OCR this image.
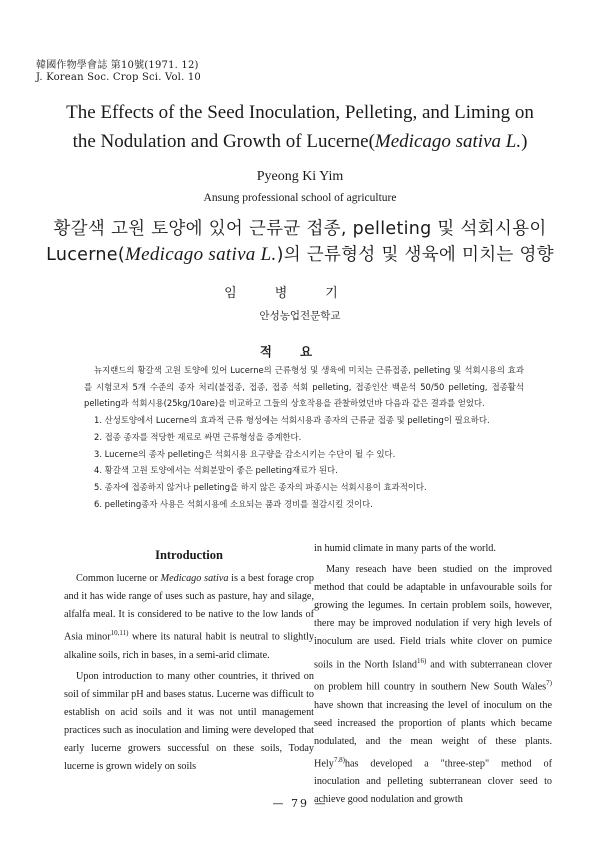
韓國作物學會誌 第10號(1971. 12)
J. Korean Soc. Crop Sci. Vol. 10
The Effects of the Seed Inoculation, Pelleting, and Liming on
the Nodulation and Growth of Lucerne(Medicago sativa L.)
Pyeong Ki Yim
Ansung professional school of agriculture
황갈색 고원 토양에 있어 근류균 접종, pelleting 및 석회시용이
Lucerne(Medicago sativa L.)의 근류형성 및 생육에 미치는 영향
임병기
안성농업전문학교
적요

뉴지랜드의 황갈색 고원 토양에 있어 Lucerne의 근류형성 및 생육에 미치는 근류접종, pelleting 및 석회시용의 효과를 시험코저 5개 수준의 종자 처리(불접종, 접종, 접종 석회 pelleting, 접종인산 백운석 50/50 pelleting, 접종활석 pelleting과 석회시용(25kg/10are)을 비교하고 그들의 상호작용을 관찰하였던바 다음과 같은 결과를 얻었다.

1. 산성토양에서 Lucerne의 효과적 근류 형성에는 석회시용과 종자의 근류균 접종 및 pelleting이 필요하다.
2. 접종 종자를 적당한 재료로 싸면 근류형성을 증계한다.
3. Lucerne의 종자 pelleting은 석회시용 요구량을 감소시키는 수단이 될 수 있다.
4. 황갈색 고원 토양에서는 석회분말이 좋은 pelleting재료가 된다.
5. 종자에 접종하지 않거나 pelleting을 하지 않은 종자의 파종시는 석회시용이 효과적이다.
6. pelleting종자 사용은 석회시용에 소요되는 품과 경비를 절감시킬 것이다.
Introduction

Common lucerne or Medicago sativa is a best forage crop and it has wide range of uses such as pasture, hay and silage, alfalfa meal. It is considered to be native to the low lands of Asia minor$^{10,11)}$ where its natural habit is neutral to slightly alkaline soils, rich in bases, in a semi-arid climate.

Upon introduction to many other countries, it thrived on soil of simmilar pH and bases status. Lucerne was difficult to establish on acid soils and it was not until management practices such as inoculation and liming were developed that early lucerne growers successful on these soils, Today lucerne is grown widely on soils

in humid climate in many parts of the world.

Many reseach have been studied on the improved method that could be adaptable in unfavourable soils for growing the legumes. In certain problem soils, however, there may be improved nodulation if very high levels of inoculum are used. Field trials white clover on pumice soils in the North Island$^{16)}$ and with subterranean clover on problem hill country in southern New South Wales$^{7)}$ have shown that increasing the level of inoculum on the seed increased the proportion of plants which became nodulated, and the mean weight of these plants. Hely$^{7.8)}$has developed a "three-step" method of inoculation and pelleting subterranean clover seed to achieve good nodulation and growth

— 79 —
